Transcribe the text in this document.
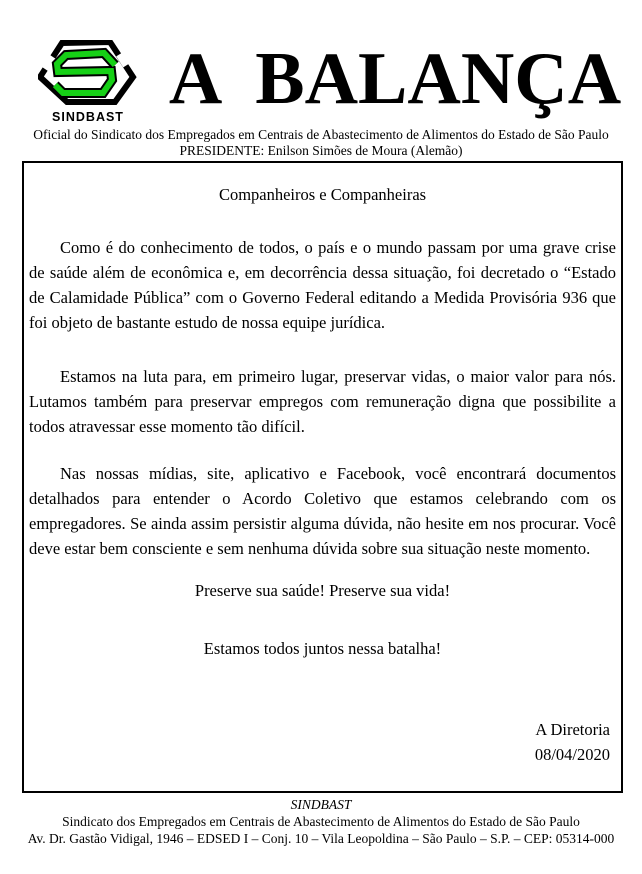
SINDBAST A  BALANÇA
Oficial do Sindicato dos Empregados em Centrais de Abastecimento de Alimentos do Estado de São Paulo
PRESIDENTE: Enilson Simões de Moura (Alemão)

Companheiros e Companheiras

Como é do conhecimento de todos, o país e o mundo passam por uma grave crise de saúde além de econômica e, em decorrência dessa situação, foi decretado o “Estado de Calamidade Pública” com o Governo Federal editando a Medida Provisória 936 que foi objeto de bastante estudo de nossa equipe jurídica.

Estamos na luta para, em primeiro lugar, preservar vidas, o maior valor para nós. Lutamos também para preservar empregos com remuneração digna que possibilite a todos atravessar esse momento tão difícil.

Nas nossas mídias, site, aplicativo e Facebook, você encontrará documentos detalhados para entender o Acordo Coletivo que estamos celebrando com os empregadores. Se ainda assim persistir alguma dúvida, não hesite em nos procurar. Você deve estar bem consciente e sem nenhuma dúvida sobre sua situação neste momento.

Preserve sua saúde! Preserve sua vida!

Estamos todos juntos nessa batalha!

A Diretoria
08/04/2020
SINDBAST
Sindicato dos Empregados em Centrais de Abastecimento de Alimentos do Estado de São Paulo
Av. Dr. Gastão Vidigal, 1946 – EDSED I – Conj. 10 – Vila Leopoldina – São Paulo – S.P. – CEP: 05314-000
